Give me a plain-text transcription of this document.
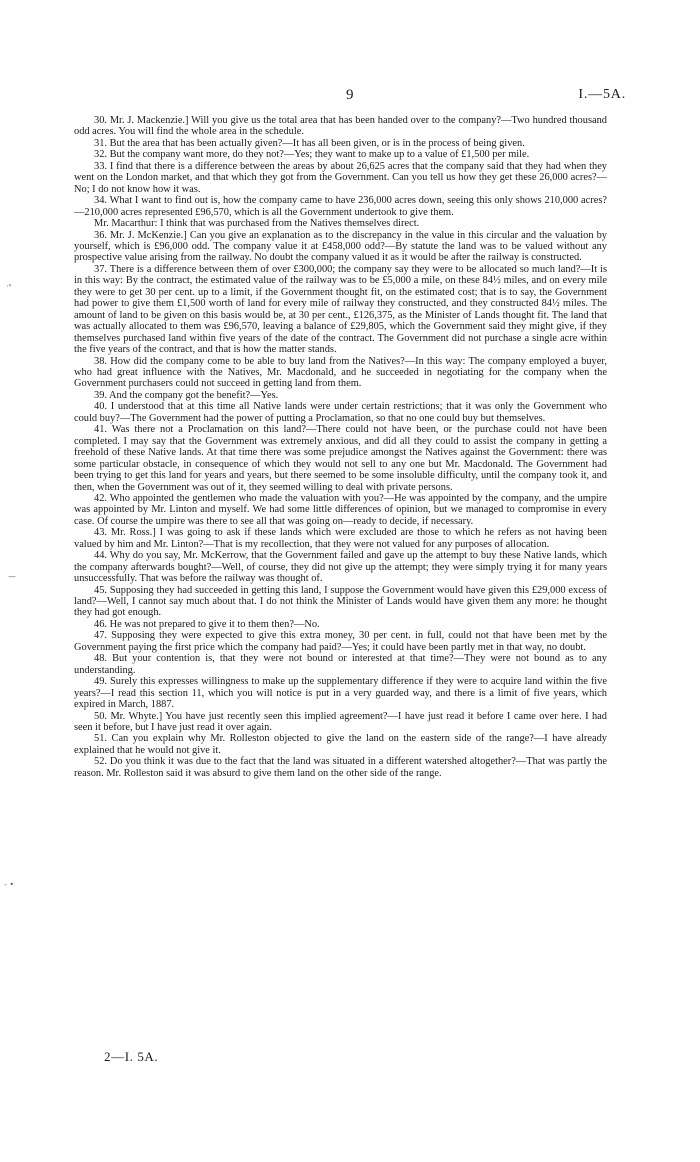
9	I.—5A.

30. Mr. J. Mackenzie.] Will you give us the total area that has been handed over to the company?—Two hundred thousand odd acres. You will find the whole area in the schedule.

31. But the area that has been actually given?—It has all been given, or is in the process of being given.

32. But the company want more, do they not?—Yes; they want to make up to a value of £1,500 per mile.

33. I find that there is a difference between the areas by about 26,625 acres that the company said that they had when they went on the London market, and that which they got from the Government. Can you tell us how they get these 26,000 acres?—No; I do not know how it was.

34. What I want to find out is, how the company came to have 236,000 acres down, seeing this only shows 210,000 acres?—210,000 acres represented £96,570, which is all the Government undertook to give them.

Mr. Macarthur: I think that was purchased from the Natives themselves direct.

36. Mr. J. McKenzie.] Can you give an explanation as to the discrepancy in the value in this circular and the valuation by yourself, which is £96,000 odd. The company value it at £458,000 odd?—By statute the land was to be valued without any prospective value arising from the railway. No doubt the company valued it as it would be after the railway is constructed.

37. There is a difference between them of over £300,000; the company say they were to be allocated so much land?—It is in this way: By the contract, the estimated value of the railway was to be £5,000 a mile, on these 84½ miles, and on every mile they were to get 30 per cent. up to a limit, if the Government thought fit, on the estimated cost; that is to say, the Government had power to give them £1,500 worth of land for every mile of railway they constructed, and they constructed 84½ miles. The amount of land to be given on this basis would be, at 30 per cent., £126,375, as the Minister of Lands thought fit. The land that was actually allocated to them was £96,570, leaving a balance of £29,805, which the Government said they might give, if they themselves purchased land within five years of the date of the contract. The Government did not purchase a single acre within the five years of the contract, and that is how the matter stands.

38. How did the company come to be able to buy land from the Natives?—In this way: The company employed a buyer, who had great influence with the Natives, Mr. Macdonald, and he succeeded in negotiating for the company when the Government purchasers could not succeed in getting land from them.

39. And the company got the benefit?—Yes.

40. I understood that at this time all Native lands were under certain restrictions; that it was only the Government who could buy?—The Government had the power of putting a Proclamation, so that no one could buy but themselves.

41. Was there not a Proclamation on this land?—There could not have been, or the purchase could not have been completed. I may say that the Government was extremely anxious, and did all they could to assist the company in getting a freehold of these Native lands. At that time there was some prejudice amongst the Natives against the Government: there was some particular obstacle, in consequence of which they would not sell to any one but Mr. Macdonald. The Government had been trying to get this land for years and years, but there seemed to be some insoluble difficulty, until the company took it, and then, when the Government was out of it, they seemed willing to deal with private persons.

42. Who appointed the gentlemen who made the valuation with you?—He was appointed by the company, and the umpire was appointed by Mr. Linton and myself. We had some little differences of opinion, but we managed to compromise in every case. Of course the umpire was there to see all that was going on—ready to decide, if necessary.

43. Mr. Ross.] I was going to ask if these lands which were excluded are those to which he refers as not having been valued by him and Mr. Linton?—That is my recollection, that they were not valued for any purposes of allocation.

44. Why do you say, Mr. McKerrow, that the Government failed and gave up the attempt to buy these Native lands, which the company afterwards bought?—Well, of course, they did not give up the attempt; they were simply trying it for many years unsuccessfully. That was before the railway was thought of.

45. Supposing they had succeeded in getting this land, I suppose the Government would have given this £29,000 excess of land?—Well, I cannot say much about that. I do not think the Minister of Lands would have given them any more: he thought they had got enough.

46. He was not prepared to give it to them then?—No.

47. Supposing they were expected to give this extra money, 30 per cent. in full, could not that have been met by the Government paying the first price which the company had paid?—Yes; it could have been partly met in that way, no doubt.

48. But your contention is, that they were not bound or interested at that time?—They were not bound as to any understanding.

49. Surely this expresses willingness to make up the supplementary difference if they were to acquire land within the five years?—I read this section 11, which you will notice is put in a very guarded way, and there is a limit of five years, which expired in March, 1887.

50. Mr. Whyte.] You have just recently seen this implied agreement?—I have just read it before I came over here. I had seen it before, but I have just read it over again.

51. Can you explain why Mr. Rolleston objected to give the land on the eastern side of the range?—I have already explained that he would not give it.

52. Do you think it was due to the fact that the land was situated in a different watershed altogether?—That was partly the reason. Mr. Rolleston said it was absurd to give them land on the other side of the range.

2—I. 5A.
·ᵛ
—
- •
